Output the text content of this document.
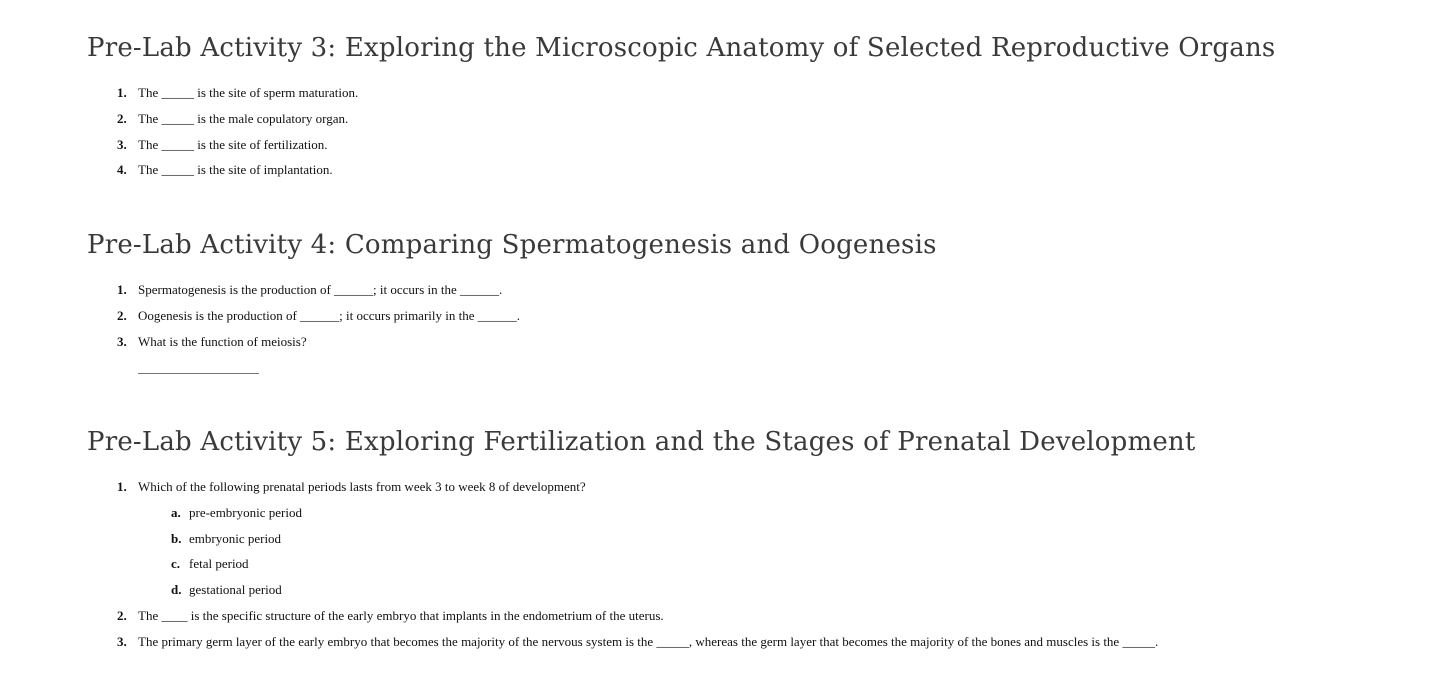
Pre-Lab Activity 3: Exploring the Microscopic Anatomy of Selected Reproductive Organs
1. The _____ is the site of sperm maturation.
2. The _____ is the male copulatory organ.
3. The _____ is the site of fertilization.
4. The _____ is the site of implantation.
Pre-Lab Activity 4: Comparing Spermatogenesis and Oogenesis
1. Spermatogenesis is the production of ______; it occurs in the ______.
2. Oogenesis is the production of ______; it occurs primarily in the ______.
3. What is the function of meiosis?
Pre-Lab Activity 5: Exploring Fertilization and the Stages of Prenatal Development
1. Which of the following prenatal periods lasts from week 3 to week 8 of development?
a. pre-embryonic period
b. embryonic period
c. fetal period
d. gestational period
2. The ____ is the specific structure of the early embryo that implants in the endometrium of the uterus.
3. The primary germ layer of the early embryo that becomes the majority of the nervous system is the _____, whereas the germ layer that becomes the majority of the bones and muscles is the _____.
